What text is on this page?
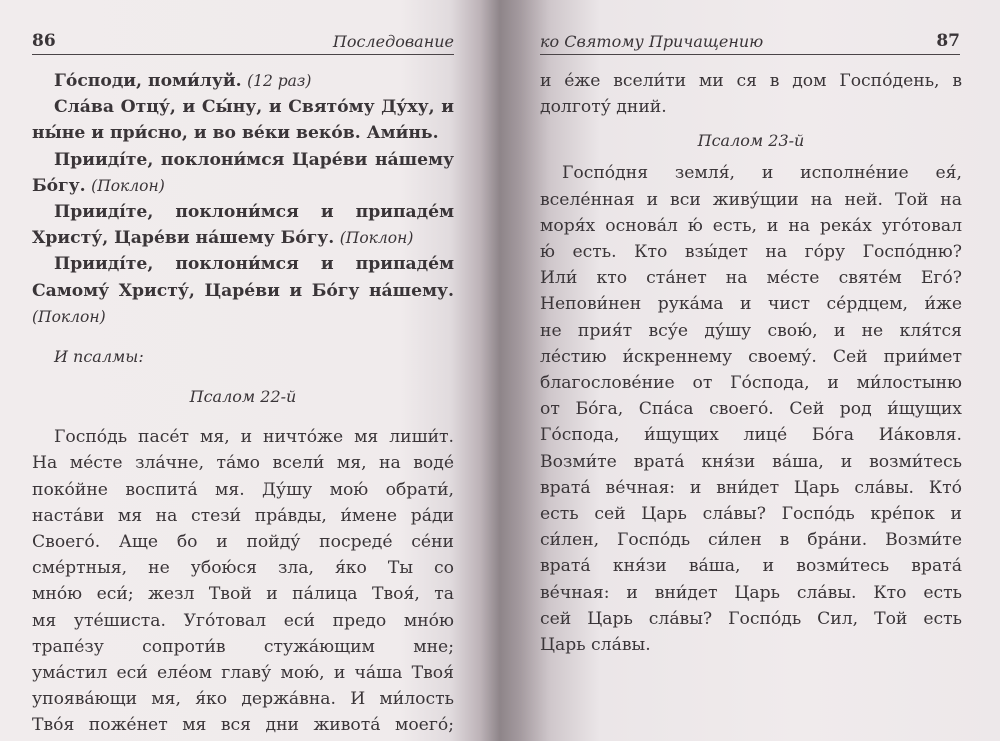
86	Последование
Го́споди, поми́луй. (12 раз)
Сла́ва Отцу́, и Сы́ну, и Свято́му Ду́ху, и
ны́не и при́сно, и во ве́ки веко́в. Ами́нь.
Приидíте, поклони́мся Царе́ви на́шему
Бо́гу. (Поклон)
Приидíте, поклони́мся и припаде́м
Христу́, Царе́ви на́шему Бо́гу. (Поклон)
Приидíте, поклони́мся и припаде́м
Самому́ Христу́, Царе́ви и Бо́гу на́шему.
(Поклон)
И псалмы:
Псалом 22-й
Госпо́дь пасе́т мя, и ничто́же мя лиши́т.
На ме́сте зла́чне, та́мо всели́ мя, на воде́
поко́йне воспита́ мя. Ду́шу мою́ обрати́,
наста́ви мя на стези́ пра́вды, и́мене ра́ди
Своего́. Аще бо и пойду́ посреде́ се́ни
сме́ртныя, не убою́ся зла, я́ко Ты со
мно́ю еси́; жезл Твой и па́лица Твоя́, та
мя уте́шиста. Уго́товал еси́ предо мно́ю
трапе́зу сопроти́в стужа́ющим мне;
ума́стил еси́ еле́ом главу́ мою́, и ча́ша Твоя́
упоява́ющи мя, я́ко держа́вна. И ми́лость
Тво́я поже́нет мя вся дни живота́ моего́;
ко Святому Причащению	87
и е́же всели́ти ми ся в дом Госпо́день, в
долготу́ дний.
Псалом 23-й
Госпо́дня земля́, и исполне́ние ея́,
вселе́нная и вси живу́щии на ней. Той на
моря́х основа́л ю́ есть, и на река́х уго́товал
ю́ есть. Кто взы́дет на го́ру Госпо́дню?
Или́ кто ста́нет на ме́сте святе́м Его́?
Непови́нен рука́ма и чист се́рдцем, и́же
не прия́т всу́е ду́шу свою́, и не кля́тся
ле́стию и́скреннему своему́. Сей прии́мет
благослове́ние от Го́спода, и ми́лостыню
от Бо́га, Спа́са своего́. Сей род и́щущих
Го́спода, и́щущих лице́ Бо́га Иа́ковля.
Возми́те врата́ кня́зи ва́ша, и возми́тесь
врата́ ве́чная: и вни́дет Царь сла́вы. Кто́
есть сей Царь сла́вы? Госпо́дь кре́пок и
си́лен, Госпо́дь си́лен в бра́ни. Возми́те
врата́ кня́зи ва́ша, и возми́тесь врата́
ве́чная: и вни́дет Царь сла́вы. Кто есть
сей Царь сла́вы? Госпо́дь Сил, Той есть
Царь сла́вы.
